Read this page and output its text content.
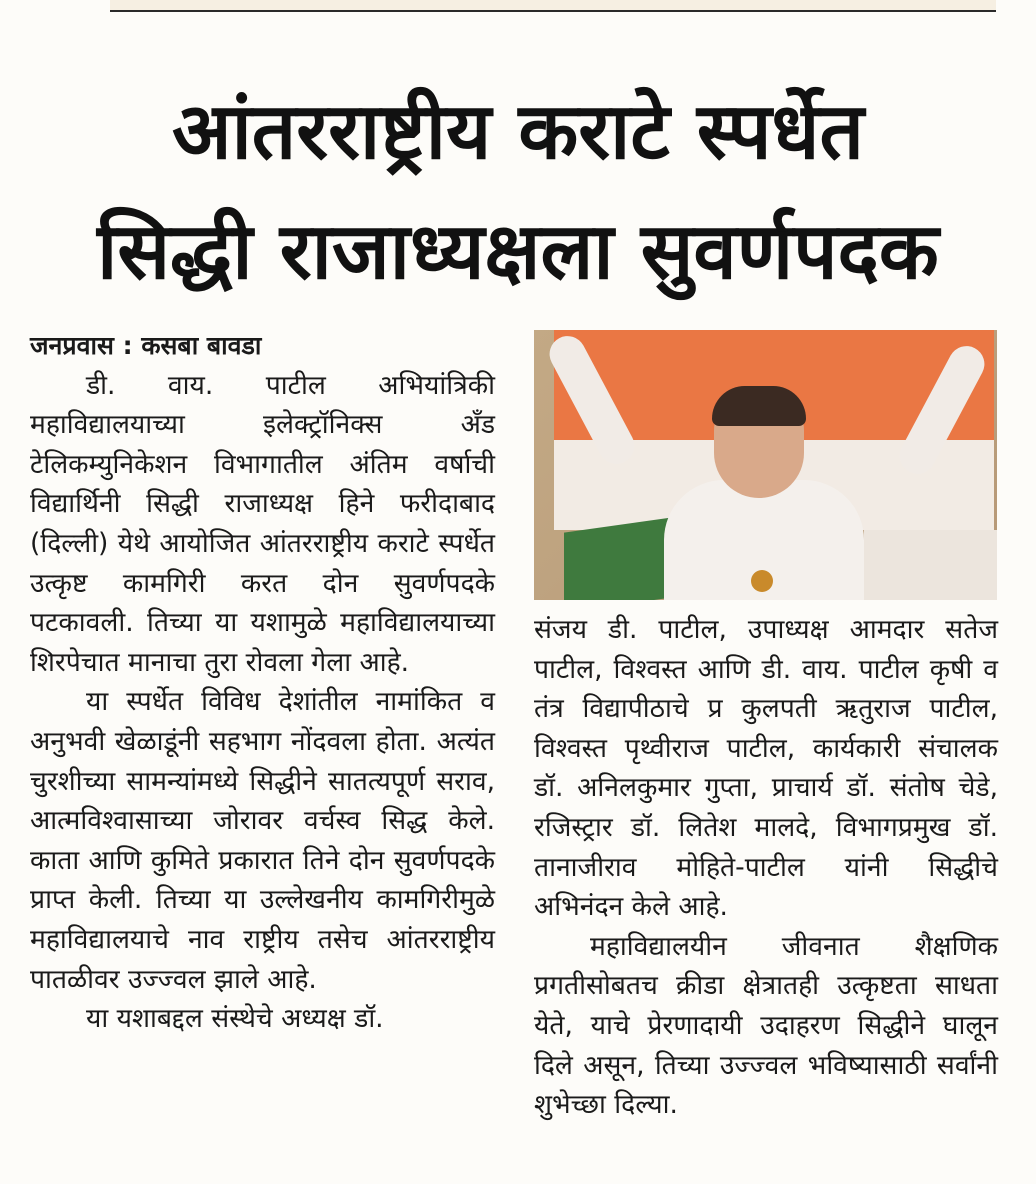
आंतरराष्ट्रीय कराटे स्पर्धेत
सिद्धी राजाध्यक्षला सुवर्णपदक

जनप्रवास : कसबा बावडा

डी. वाय. पाटील अभियांत्रिकी महाविद्यालयाच्या इलेक्ट्रॉनिक्स अँड टेलिकम्युनिकेशन विभागातील अंतिम वर्षाची विद्यार्थिनी सिद्धी राजाध्यक्ष हिने फरीदाबाद (दिल्ली) येथे आयोजित आंतरराष्ट्रीय कराटे स्पर्धेत उत्कृष्ट कामगिरी करत दोन सुवर्णपदके पटकावली. तिच्या या यशामुळे महाविद्यालयाच्या शिरपेचात मानाचा तुरा रोवला गेला आहे.

या स्पर्धेत विविध देशांतील नामांकित व अनुभवी खेळाडूंनी सहभाग नोंदवला होता. अत्यंत चुरशीच्या सामन्यांमध्ये सिद्धीने सातत्यपूर्ण सराव, आत्मविश्वासाच्या जोरावर वर्चस्व सिद्ध केले. काता आणि कुमिते प्रकारात तिने दोन सुवर्णपदके प्राप्त केली. तिच्या या उल्लेखनीय कामगिरीमुळे महाविद्यालयाचे नाव राष्ट्रीय तसेच आंतरराष्ट्रीय पातळीवर उज्ज्वल झाले आहे.

या यशाबद्दल संस्थेचे अध्यक्ष डॉ.

संजय डी. पाटील, उपाध्यक्ष आमदार सतेज पाटील, विश्वस्त आणि डी. वाय. पाटील कृषी व तंत्र विद्यापीठाचे प्र कुलपती ऋतुराज पाटील, विश्वस्त पृथ्वीराज पाटील, कार्यकारी संचालक डॉ. अनिलकुमार गुप्ता, प्राचार्य डॉ. संतोष चेडे, रजिस्ट्रार डॉ. लितेश मालदे, विभागप्रमुख डॉ. तानाजीराव मोहिते-पाटील यांनी सिद्धीचे अभिनंदन केले आहे.

महाविद्यालयीन जीवनात शैक्षणिक प्रगतीसोबतच क्रीडा क्षेत्रातही उत्कृष्टता साधता येते, याचे प्रेरणादायी उदाहरण सिद्धीने घालून दिले असून, तिच्या उज्ज्वल भविष्यासाठी सर्वांनी शुभेच्छा दिल्या.
